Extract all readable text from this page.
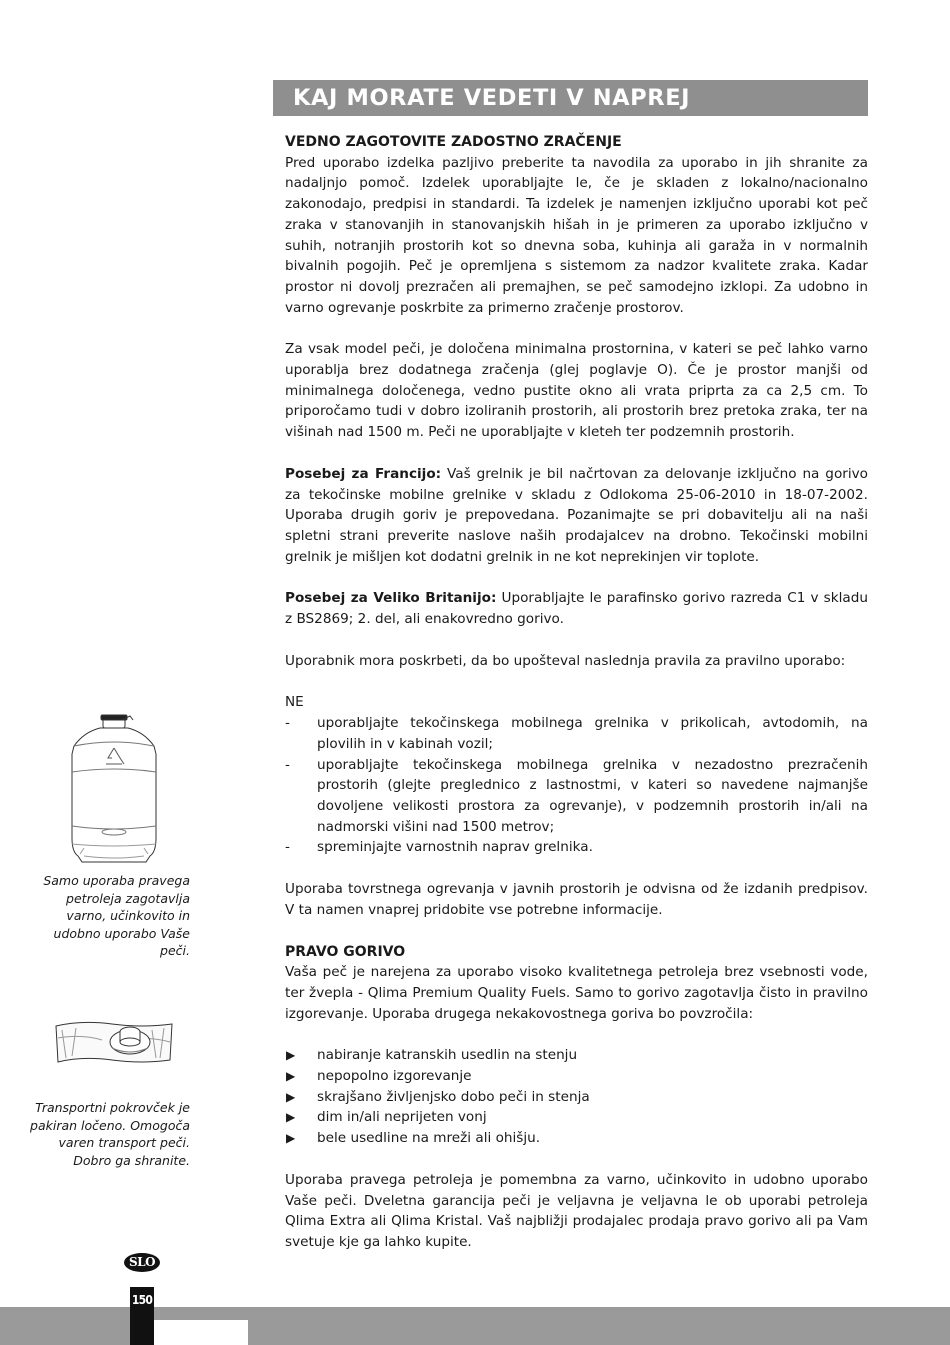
KAJ MORATE VEDETI V NAPREJ

VEDNO ZAGOTOVITE ZADOSTNO ZRAČENJE

Pred uporabo izdelka pazljivo preberite ta navodila za uporabo in jih shranite za nadaljnjo pomoč. Izdelek uporabljajte le, če je skladen z lokalno/nacionalno zakonodajo, predpisi in standardi. Ta izdelek je namenjen izključno uporabi kot peč zraka v stanovanjih in stanovanjskih hišah in je primeren za uporabo izključno v suhih, notranjih prostorih kot so dnevna soba, kuhinja ali garaža in v normalnih bivalnih pogojih. Peč je opremljena s sistemom za nadzor kvalitete zraka. Kadar prostor ni dovolj prezračen ali premajhen, se peč samodejno izklopi. Za udobno in varno ogrevanje poskrbite za primerno zračenje prostorov.

Za vsak model peči, je določena minimalna prostornina, v kateri se peč lahko varno uporablja brez dodatnega zračenja (glej poglavje O). Če je prostor manjši od minimalnega določenega, vedno pustite okno ali vrata priprta za ca 2,5 cm. To priporočamo tudi v dobro izoliranih prostorih, ali prostorih brez pretoka zraka, ter na višinah nad 1500 m. Peči ne uporabljajte v kleteh ter podzemnih prostorih.

Posebej za Francijo: Vaš grelnik je bil načrtovan za delovanje izključno na gorivo za tekočinske mobilne grelnike v skladu z Odlokoma 25-06-2010 in 18-07-2002. Uporaba drugih goriv je prepovedana. Pozanimajte se pri dobavitelju ali na naši spletni strani preverite naslove naših prodajalcev na drobno. Tekočinski mobilni grelnik je mišljen kot dodatni grelnik in ne kot neprekinjen vir toplote.

Posebej za Veliko Britanijo: Uporabljajte le parafinsko gorivo razreda C1 v skladu z BS2869; 2. del, ali enakovredno gorivo.

Uporabnik mora poskrbeti, da bo upošteval naslednja pravila za pravilno uporabo:

NE

- uporabljajte tekočinskega mobilnega grelnika v prikolicah, avtodomih, na plovilih in v kabinah vozil;
- uporabljajte tekočinskega mobilnega grelnika v nezadostno prezračenih prostorih (glejte preglednico z lastnostmi, v kateri so navedene najmanjše dovoljene velikosti prostora za ogrevanje), v podzemnih prostorih in/ali na nadmorski višini nad 1500 metrov;
- spreminjajte varnostnih naprav grelnika.

Uporaba tovrstnega ogrevanja v javnih prostorih je odvisna od že izdanih predpisov. V ta namen vnaprej pridobite vse potrebne informacije.

PRAVO GORIVO

Vaša peč je narejena za uporabo visoko kvalitetnega petroleja brez vsebnosti vode, ter žvepla - Qlima Premium Quality Fuels. Samo to gorivo zagotavlja čisto in pravilno izgorevanje. Uporaba drugega nekakovostnega goriva bo povzročila:

▶ nabiranje katranskih usedlin na stenju
▶ nepopolno izgorevanje
▶ skrajšano življenjsko dobo peči in stenja
▶ dim in/ali neprijeten vonj
▶ bele usedline na mreži ali ohišju.

Uporaba pravega petroleja je pomembna za varno, učinkovito in udobno uporabo Vaše peči. Dveletna garancija peči je veljavna je veljavna le ob uporabi petroleja Qlima Extra ali Qlima Kristal. Vaš najbližji prodajalec prodaja pravo gorivo ali pa Vam svetuje kje ga lahko kupite.

Samo uporaba pravega petroleja zagotavlja varno, učinkovito in udobno uporabo Vaše peči.
Transportni pokrovček je pakiran ločeno. Omogoča varen transport peči. Dobro ga shranite.
SLO
150
